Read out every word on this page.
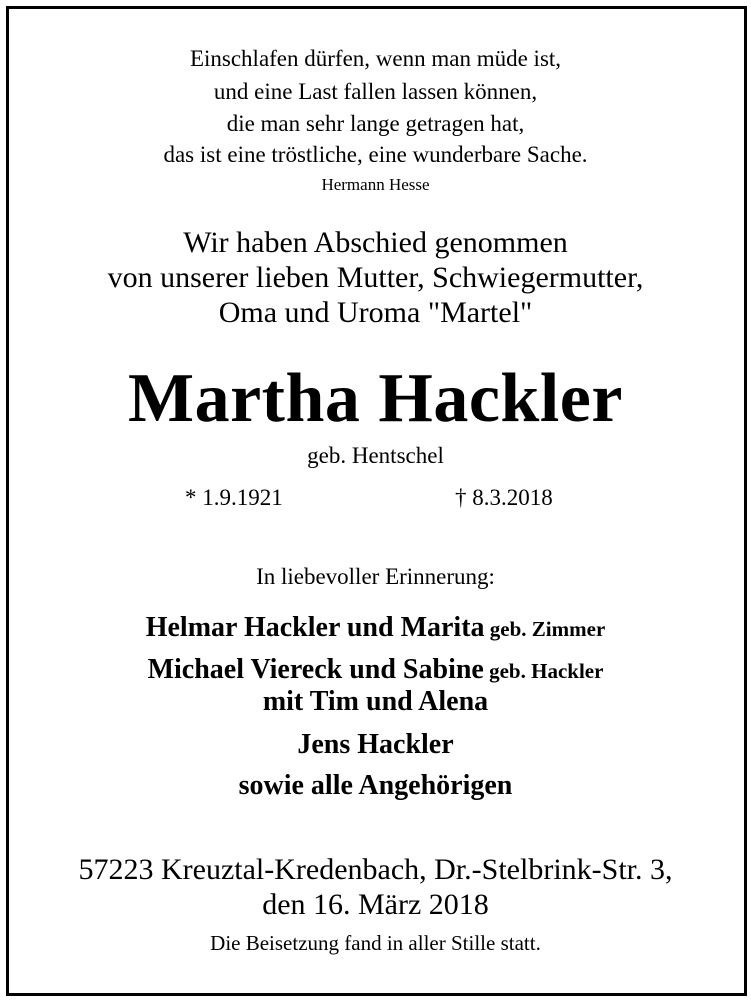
Einschlafen dürfen, wenn man müde ist,
und eine Last fallen lassen können,
die man sehr lange getragen hat,
das ist eine tröstliche, eine wunderbare Sache.
Hermann Hesse
Wir haben Abschied genommen
von unserer lieben Mutter, Schwiegermutter,
Oma und Uroma "Martel"
Martha Hackler
geb. Hentschel
* 1.9.1921	† 8.3.2018
In liebevoller Erinnerung:
Helmar Hackler und Marita geb. Zimmer
Michael Viereck und Sabine geb. Hackler
mit Tim und Alena
Jens Hackler
sowie alle Angehörigen
57223 Kreuztal-Kredenbach, Dr.-Stelbrink-Str. 3,
den 16. März 2018
Die Beisetzung fand in aller Stille statt.
